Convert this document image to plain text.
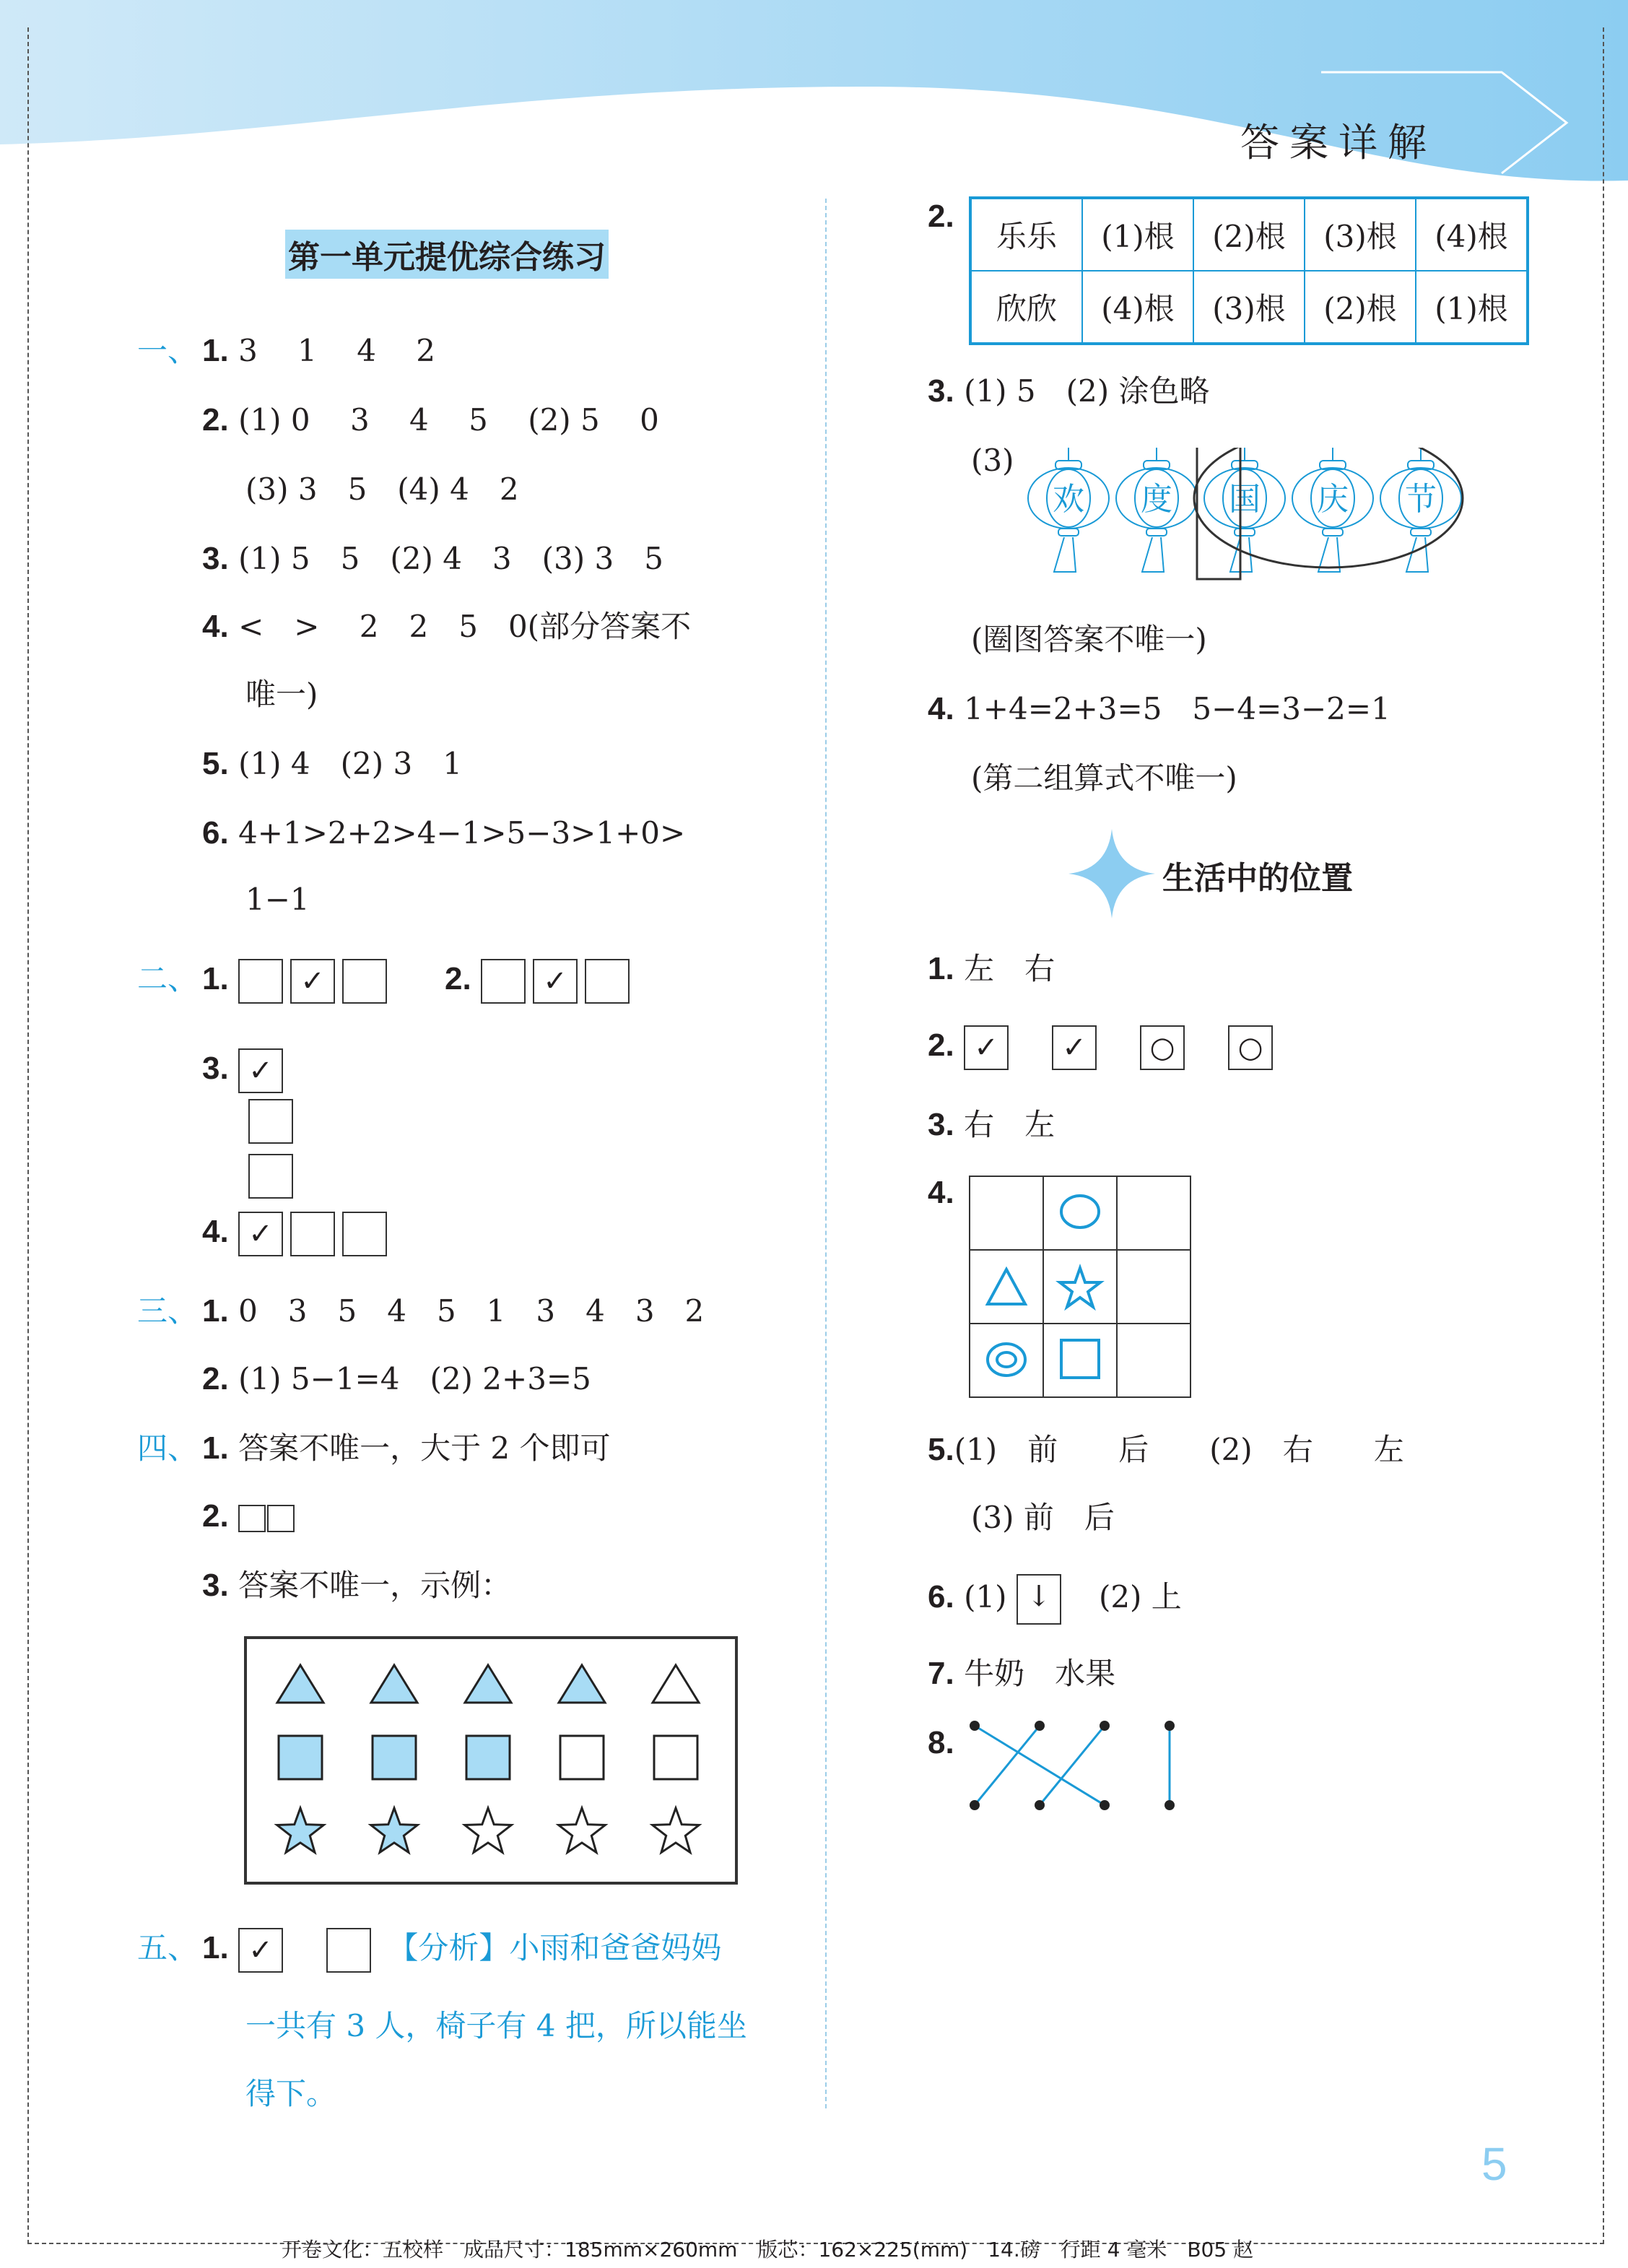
答案详解
第一单元提优综合练习
一、 1. 3　 1　 4　 2
2. (1) 0　 3　 4　 5　 (2) 5　 0
(3) 3　5　(4) 4　2
3. (1) 5　5　(2) 4　3　(3) 3　5
4. <　>　 2　2　5　0(部分答案不
唯一)
5. (1) 4　(2) 3　1
6. 4+1>2+2>4−1>5−3>1+0>
1−1
二、 1. ✓	2. ✓
3. ✓
4. ✓
三、 1. 0　3　5　4　5　1　3　4　3　2
2. (1) 5−1=4　(2) 2+3=5
四、 1. 答案不唯一，大于 2 个即可
2.
3. 答案不唯一，示例：
五、 1. ✓	【分析】小雨和爸爸妈妈
一共有 3 人，椅子有 4 把，所以能坐
得下。
2.
乐乐	(1)根	(2)根	(3)根	(4)根
欣欣	(4)根	(3)根	(2)根	(1)根
3. (1) 5　(2) 涂色略
(3)
欢 度 国 庆 节
(圈图答案不唯一)
4. 1+4=2+3=5　5−4=3−2=1
(第二组算式不唯一)
生活中的位置
1. 左　右
2. ✓ ✓ ○ ○
3. 右　左
4.
5.(1)　前　　后　　(2)　右　　左
(3) 前　后
6. (1) ↓　 (2) 上
7. 牛奶　水果
8.
5
开卷文化：五校样　成品尺寸：185mm×260mm　版芯：162×225(mm)　14.磅　行距 4 毫米　B05 赵
